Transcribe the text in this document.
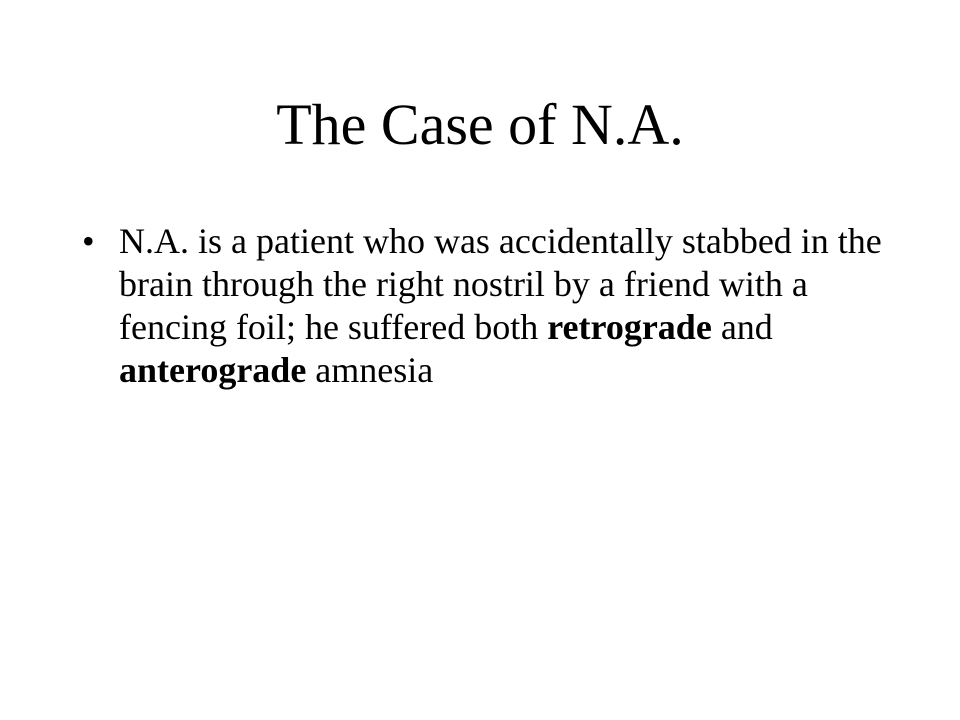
The Case of N.A.
• N.A. is a patient who was accidentally stabbed in the brain through the right nostril by a friend with a fencing foil; he suffered both retrograde and anterograde amnesia
